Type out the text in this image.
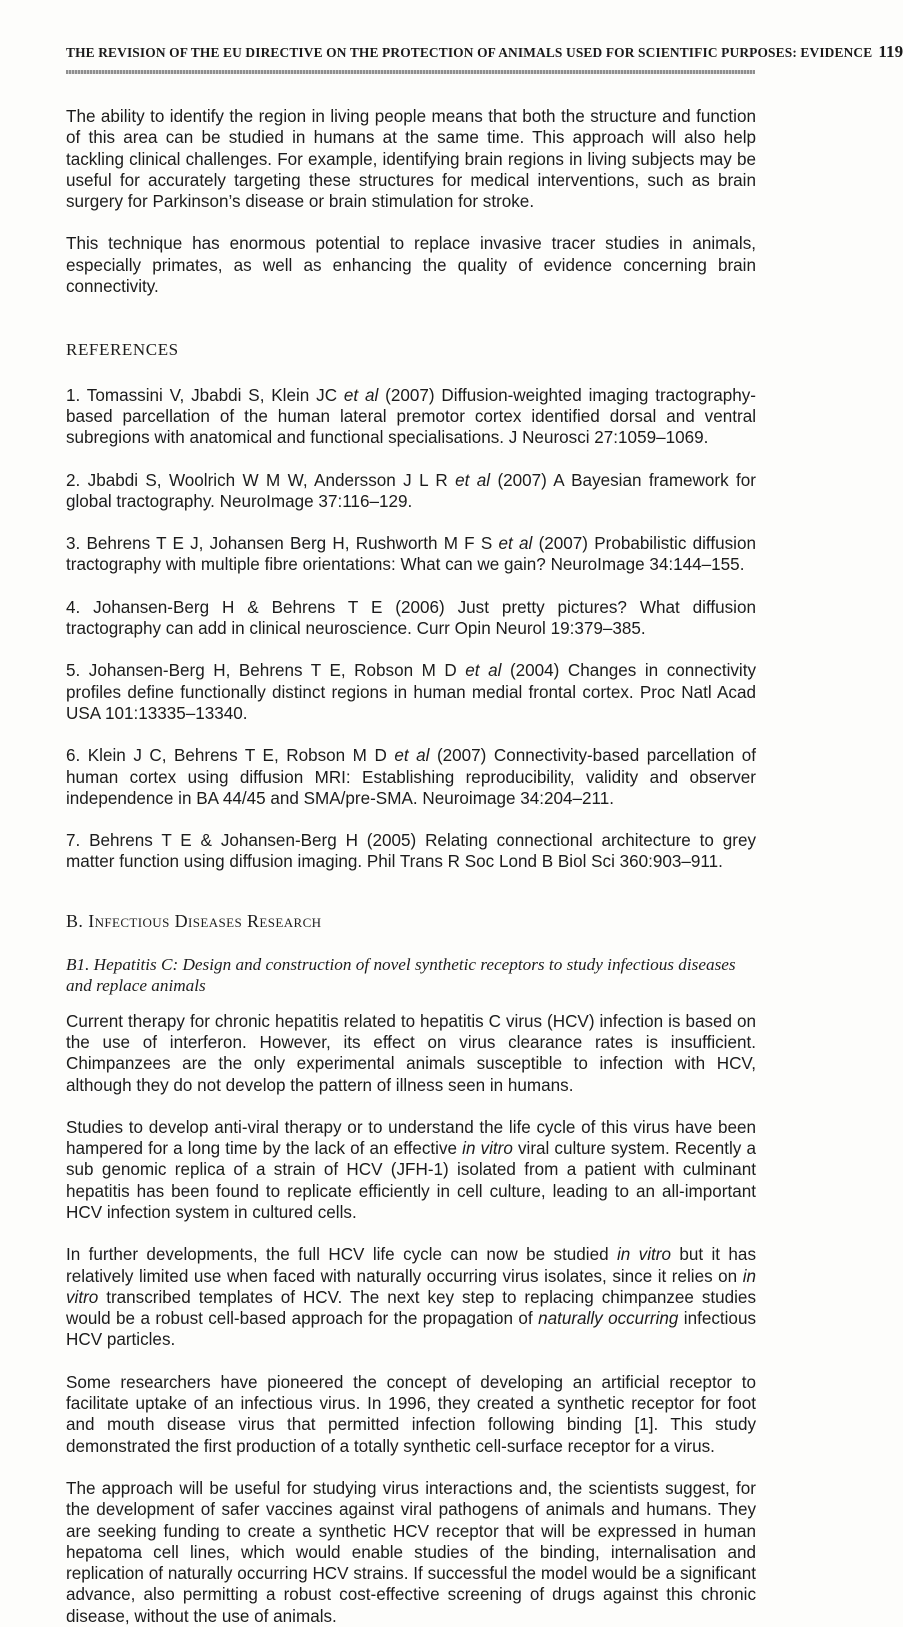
THE REVISION OF THE EU DIRECTIVE ON THE PROTECTION OF ANIMALS USED FOR SCIENTIFIC PURPOSES: EVIDENCE 119

The ability to identify the region in living people means that both the structure and function of this area can be studied in humans at the same time. This approach will also help tackling clinical challenges. For example, identifying brain regions in living subjects may be useful for accurately targeting these structures for medical interventions, such as brain surgery for Parkinson’s disease or brain stimulation for stroke.

This technique has enormous potential to replace invasive tracer studies in animals, especially primates, as well as enhancing the quality of evidence concerning brain connectivity.

REFERENCES

1. Tomassini V, Jbabdi S, Klein JC et al (2007) Diffusion-weighted imaging tractography-based parcellation of the human lateral premotor cortex identified dorsal and ventral subregions with anatomical and functional specialisations. J Neurosci 27:1059–1069.

2. Jbabdi S, Woolrich W M W, Andersson J L R et al (2007) A Bayesian framework for global tractography. NeuroImage 37:116–129.

3. Behrens T E J, Johansen Berg H, Rushworth M F S et al (2007) Probabilistic diffusion tractography with multiple fibre orientations: What can we gain? NeuroImage 34:144–155.

4. Johansen-Berg H & Behrens T E (2006) Just pretty pictures? What diffusion tractography can add in clinical neuroscience. Curr Opin Neurol 19:379–385.

5. Johansen-Berg H, Behrens T E, Robson M D et al (2004) Changes in connectivity profiles define functionally distinct regions in human medial frontal cortex. Proc Natl Acad USA 101:13335–13340.

6. Klein J C, Behrens T E, Robson M D et al (2007) Connectivity-based parcellation of human cortex using diffusion MRI: Establishing reproducibility, validity and observer independence in BA 44/45 and SMA/pre-SMA. Neuroimage 34:204–211.

7. Behrens T E & Johansen-Berg H (2005) Relating connectional architecture to grey matter function using diffusion imaging. Phil Trans R Soc Lond B Biol Sci 360:903–911.

B. Infectious Diseases Research

B1. Hepatitis C: Design and construction of novel synthetic receptors to study infectious diseases and replace animals

Current therapy for chronic hepatitis related to hepatitis C virus (HCV) infection is based on the use of interferon. However, its effect on virus clearance rates is insufficient. Chimpanzees are the only experimental animals susceptible to infection with HCV, although they do not develop the pattern of illness seen in humans.

Studies to develop anti-viral therapy or to understand the life cycle of this virus have been hampered for a long time by the lack of an effective in vitro viral culture system. Recently a sub genomic replica of a strain of HCV (JFH-1) isolated from a patient with culminant hepatitis has been found to replicate efficiently in cell culture, leading to an all-important HCV infection system in cultured cells.

In further developments, the full HCV life cycle can now be studied in vitro but it has relatively limited use when faced with naturally occurring virus isolates, since it relies on in vitro transcribed templates of HCV. The next key step to replacing chimpanzee studies would be a robust cell-based approach for the propagation of naturally occurring infectious HCV particles.

Some researchers have pioneered the concept of developing an artificial receptor to facilitate uptake of an infectious virus. In 1996, they created a synthetic receptor for foot and mouth disease virus that permitted infection following binding [1]. This study demonstrated the first production of a totally synthetic cell-surface receptor for a virus.

The approach will be useful for studying virus interactions and, the scientists suggest, for the development of safer vaccines against viral pathogens of animals and humans. They are seeking funding to create a synthetic HCV receptor that will be expressed in human hepatoma cell lines, which would enable studies of the binding, internalisation and replication of naturally occurring HCV strains. If successful the model would be a significant advance, also permitting a robust cost-effective screening of drugs against this chronic disease, without the use of animals.
